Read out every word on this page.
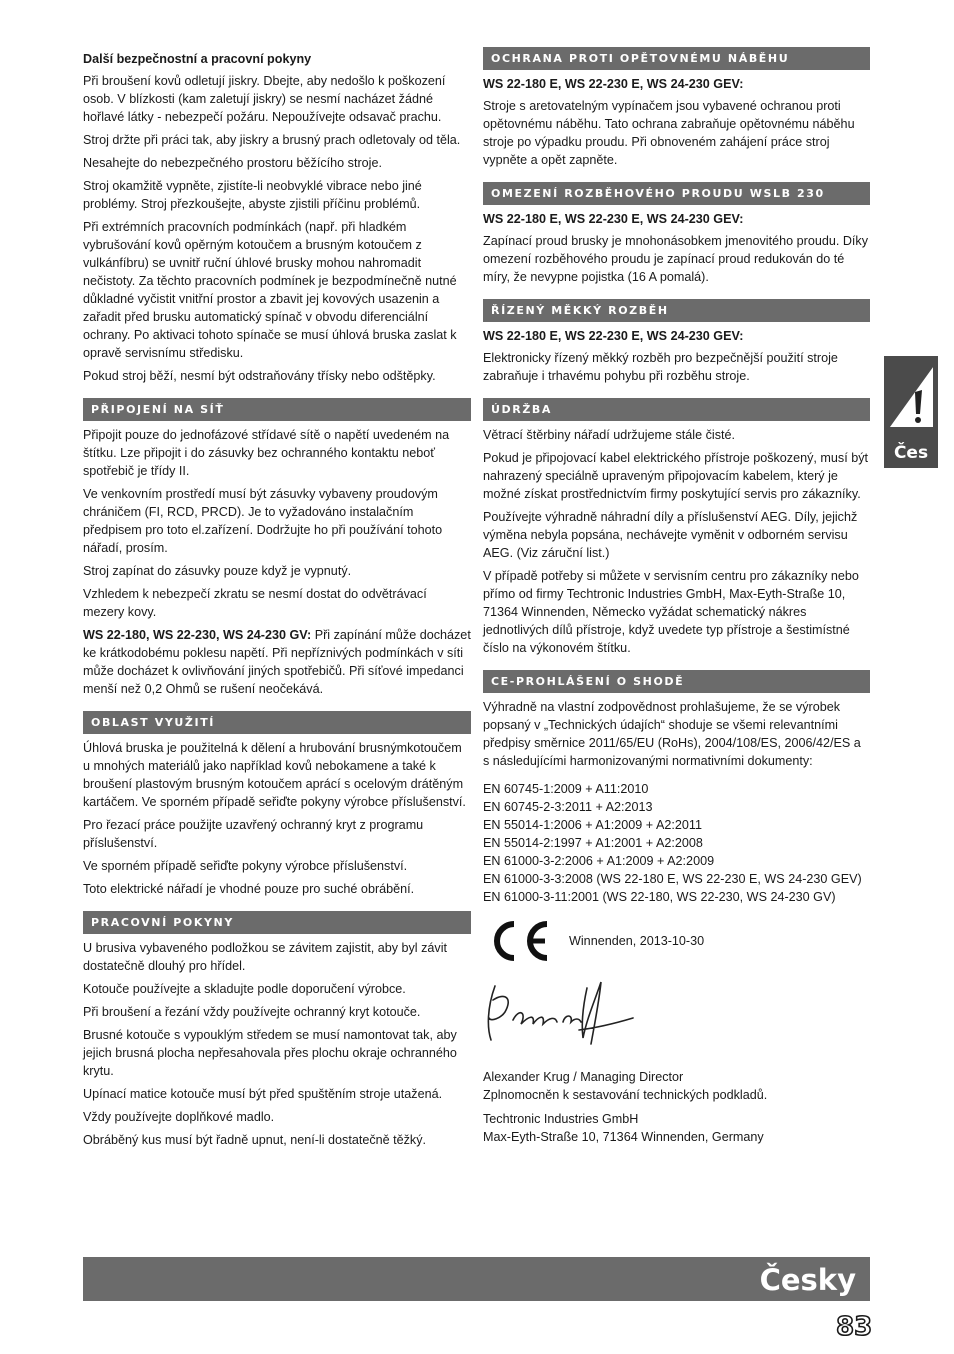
Další bezpečnostní a pracovní pokyny

Při broušení kovů odletují jiskry. Dbejte, aby nedošlo k poškození osob. V blízkosti (kam zaletují jiskry) se nesmí nacházet žádné hořlavé látky - nebezpečí požáru. Nepoužívejte odsavač prachu.

Stroj držte při práci tak, aby jiskry a brusný prach odletovaly od těla.

Nesahejte do nebezpečného prostoru běžícího stroje.

Stroj okamžitě vypněte, zjistíte-li neobvyklé vibrace nebo jiné problémy. Stroj přezkoušejte, abyste zjistili příčinu problémů.

Při extrémních pracovních podmínkách (např. při hladkém vybrušování kovů opěrným kotoučem a brusným kotoučem z vulkánfíbru) se uvnitř ruční úhlové brusky mohou nahromadit nečistoty. Za těchto pracovních podmínek je bezpodmínečně nutné důkladné vyčistit vnitřní prostor a zbavit jej kovových usazenin a zařadit před brusku automatický spínač v obvodu diferenciální ochrany. Po aktivaci tohoto spínače se musí úhlová bruska zaslat k opravě servisnímu středisku.

Pokud stroj běží, nesmí být odstraňovány třísky nebo odštěpky.

PŘIPOJENÍ NA SÍŤ

Připojit pouze do jednofázové střídavé sítě o napětí uvedeném na štítku. Lze připojit i do zásuvky bez ochranného kontaktu neboť spotřebič je třídy II.

Ve venkovním prostředí musí být zásuvky vybaveny proudovým chráničem (FI, RCD, PRCD). Je to vyžadováno instalačním předpisem pro toto el.zařízení. Dodržujte ho při používání tohoto nářadí, prosím.

Stroj zapínat do zásuvky pouze když je vypnutý.

Vzhledem k nebezpečí zkratu se nesmí dostat do odvětrávací mezery kovy.

WS 22-180, WS 22-230, WS 24-230 GV: Při zapínání může docházet ke krátkodobému poklesu napětí. Při nepříznivých podmínkách v síti může docházet k ovlivňování jiných spotřebičů. Při síťové impedanci menší než 0,2 Ohmů se rušení neočekává.

OBLAST VYUŽITÍ

Úhlová bruska je použitelná k dělení a hrubování brusnýmkotoučem u mnohých materiálů jako například kovů nebokamene a také k broušení plastovým brusným kotoučem aprácí s ocelovým drátěným kartáčem. Ve sporném případě seřiďte pokyny výrobce příslušenství.

Pro řezací práce použijte uzavřený ochranný kryt z programu příslušenství.

Ve sporném případě seřiďte pokyny výrobce příslušenství.

Toto elektrické nářadí je vhodné pouze pro suché obrábění.

PRACOVNÍ POKYNY

U brusiva vybaveného podložkou se závitem zajistit, aby byl závit dostatečně dlouhý pro hřídel.

Kotouče používejte a skladujte podle doporučení výrobce.

Při broušení a řezání vždy používejte ochranný kryt kotouče.

Brusné kotouče s vypouklým středem se musí namontovat tak, aby jejich brusná plocha nepřesahovala přes plochu okraje ochranného krytu.

Upínací matice kotouče musí být před spuštěním stroje utažená.

Vždy používejte doplňkové madlo.

Obráběný kus musí být řadně upnut, není-li dostatečně těžký.

OCHRANA PROTI OPĚTOVNÉMU NÁBĚHU
WS 22-180 E, WS 22-230 E, WS 24-230 GEV:

Stroje s aretovatelným vypínačem jsou vybavené ochranou proti opětovnému náběhu. Tato ochrana zabraňuje opětovnému náběhu stroje po výpadku proudu. Při obnoveném zahájení práce stroj vypněte a opět zapněte.

OMEZENÍ ROZBĚHOVÉHO PROUDU WSLB 230
WS 22-180 E, WS 22-230 E, WS 24-230 GEV:

Zapínací proud brusky je mnohonásobkem jmenovitého proudu. Díky omezení rozběhového proudu je zapínací proud redukován do té míry, že nevypne pojistka (16 A pomalá).

ŘÍZENÝ MĚKKÝ ROZBĚH
WS 22-180 E, WS 22-230 E, WS 24-230 GEV:

Elektronicky řízený měkký rozběh pro bezpečnější použití stroje zabraňuje i trhavému pohybu při rozběhu stroje.

ÚDRŽBA

Větrací štěrbiny nářadí udržujeme stále čisté.

Pokud je připojovací kabel elektrického přístroje poškozený, musí být nahrazený speciálně upraveným připojovacím kabelem, který je možné získat prostřednictvím firmy poskytující servis pro zákazníky.

Používejte výhradně náhradní díly a příslušenství AEG. Díly, jejichž výměna nebyla popsána, nechávejte vyměnit v odborném servisu AEG. (Viz záruční list.)

V případě potřeby si můžete v servisním centru pro zákazníky nebo přímo od firmy Techtronic Industries GmbH, Max-Eyth-Straße 10, 71364 Winnenden, Německo vyžádat schematický nákres jednotlivých dílů přístroje, když uvedete typ přístroje a šestimístné číslo na výkonovém štítku.

CE-PROHLÁŠENÍ O SHODĚ

Výhradně na vlastní zodpovědnost prohlašujeme, že se výrobek popsaný v „Technických údajích“ shoduje se všemi relevantními předpisy směrnice 2011/65/EU (RoHs), 2004/108/ES, 2006/42/ES a s následujícími harmonizovanými normativními dokumenty:

EN 60745-1:2009 + A11:2010
EN 60745-2-3:2011 + A2:2013
EN 55014-1:2006 + A1:2009 + A2:2011
EN 55014-2:1997 + A1:2001 + A2:2008
EN 61000-3-2:2006 + A1:2009 + A2:2009
EN 61000-3-3:2008 (WS 22-180 E, WS 22-230 E, WS 24-230 GEV)
EN 61000-3-11:2001 (WS 22-180, WS 22-230, WS 24-230 GV)
Winnenden, 2013-10-30

Alexander Krug / Managing Director
Zplnomocněn k sestavování technických podkladů.

Techtronic Industries GmbH
Max-Eyth-Straße 10, 71364 Winnenden, Germany

Čes
Česky
83
